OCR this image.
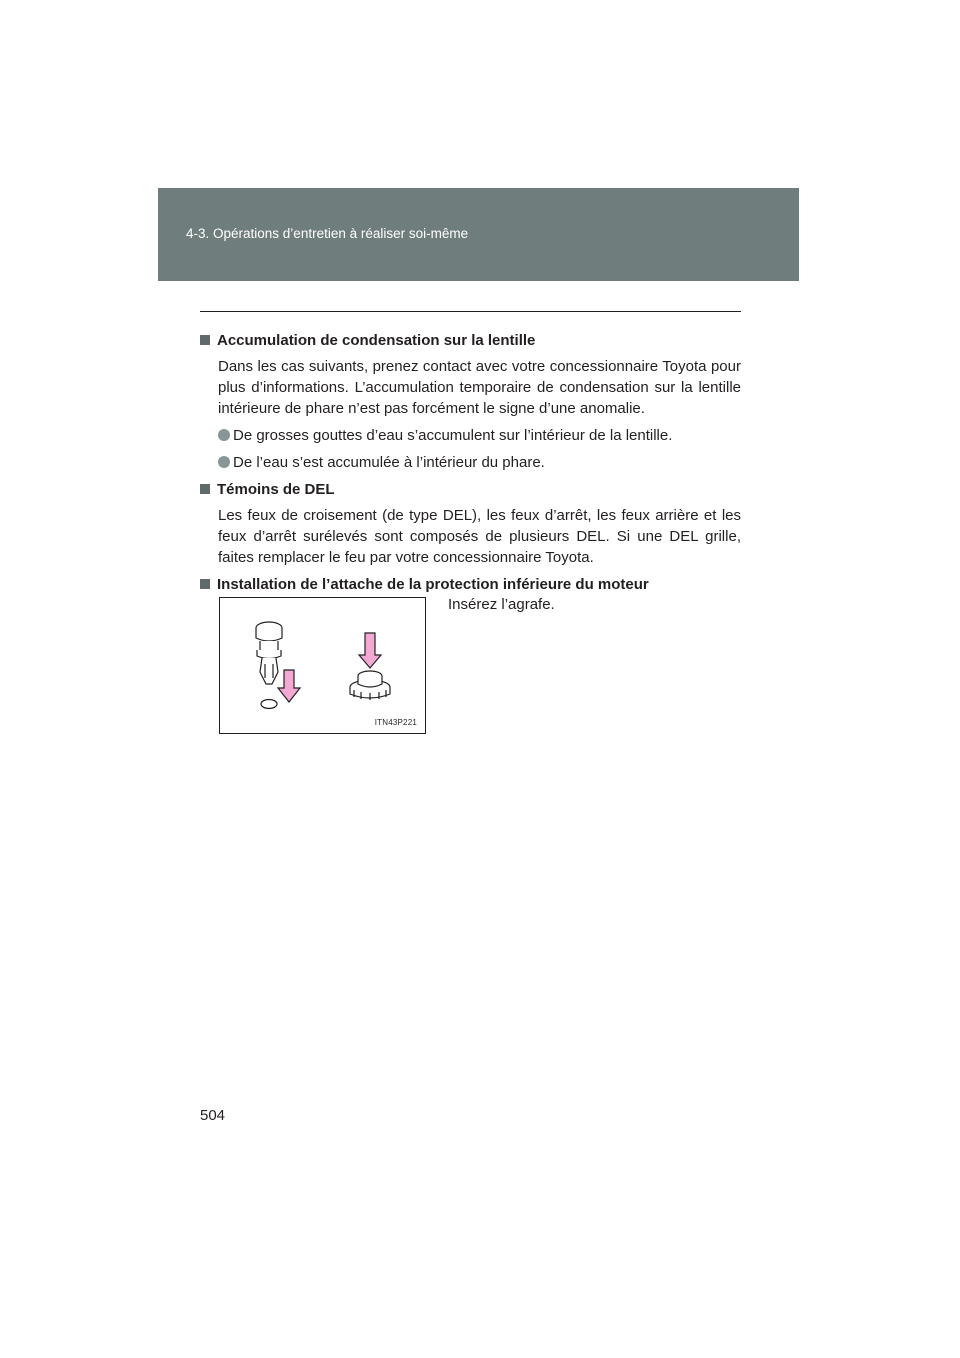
4-3. Opérations d’entretien à réaliser soi-même
Accumulation de condensation sur la lentille

Dans les cas suivants, prenez contact avec votre concessionnaire Toyota pour plus d’informations. L’accumulation temporaire de condensation sur la lentille intérieure de phare n’est pas forcément le signe d’une anomalie.

De grosses gouttes d’eau s’accumulent sur l’intérieur de la lentille.
De l’eau s’est accumulée à l’intérieur du phare.
Témoins de DEL

Les feux de croisement (de type DEL), les feux d’arrêt, les feux arrière et les feux d’arrêt surélevés sont composés de plusieurs DEL. Si une DEL grille, faites remplacer le feu par votre concessionnaire Toyota.

Installation de l’attache de la protection inférieure du moteur
ITN43P221
Insérez l’agrafe.
504
